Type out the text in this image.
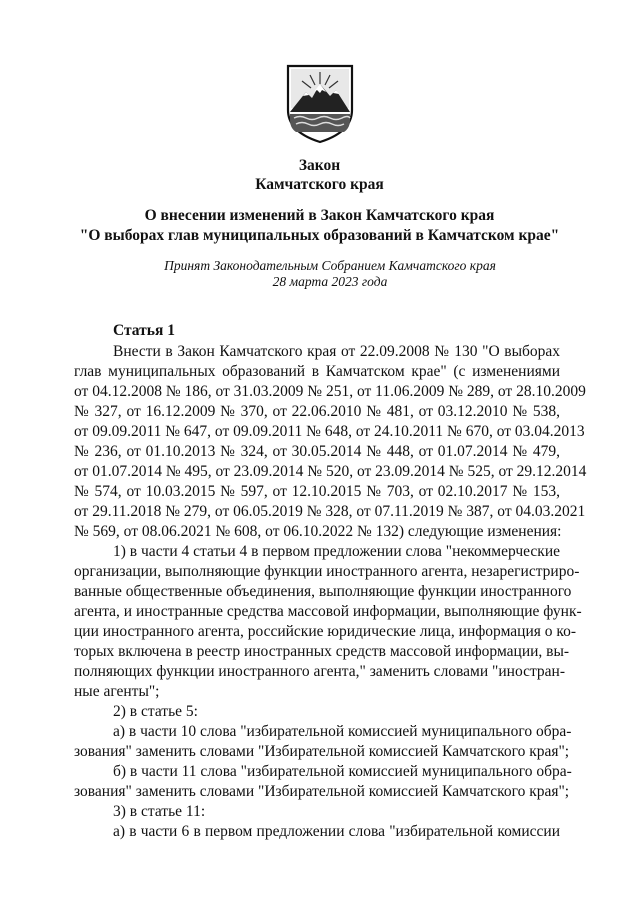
Закон
Камчатского края
О внесении изменений в Закон Камчатского края
"О выборах глав муниципальных образований в Камчатском крае"
Принят Законодательным Собранием Камчатского края
28 марта 2023 года
Статья 1
Внести в Закон Камчатского края от 22.09.2008 № 130 "О выборах
глав муниципальных образований в Камчатском крае" (с изменениями
от 04.12.2008 № 186, от 31.03.2009 № 251, от 11.06.2009 № 289, от 28.10.2009
№ 327, от 16.12.2009 № 370, от 22.06.2010 № 481, от 03.12.2010 № 538,
от 09.09.2011 № 647, от 09.09.2011 № 648, от 24.10.2011 № 670, от 03.04.2013
№ 236, от 01.10.2013 № 324, от 30.05.2014 № 448, от 01.07.2014 № 479,
от 01.07.2014 № 495, от 23.09.2014 № 520, от 23.09.2014 № 525, от 29.12.2014
№ 574, от 10.03.2015 № 597, от 12.10.2015 № 703, от 02.10.2017 № 153,
от 29.11.2018 № 279, от 06.05.2019 № 328, от 07.11.2019 № 387, от 04.03.2021
№ 569, от 08.06.2021 № 608, от 06.10.2022 № 132) следующие изменения:
1) в части 4 статьи 4 в первом предложении слова "некоммерческие
организации, выполняющие функции иностранного агента, незарегистриро-
ванные общественные объединения, выполняющие функции иностранного
агента, и иностранные средства массовой информации, выполняющие функ-
ции иностранного агента, российские юридические лица, информация о ко-
торых включена в реестр иностранных средств массовой информации, вы-
полняющих функции иностранного агента," заменить словами "иностран-
ные агенты";
2) в статье 5:
а) в части 10 слова "избирательной комиссией муниципального обра-
зования" заменить словами "Избирательной комиссией Камчатского края";
б) в части 11 слова "избирательной комиссией муниципального обра-
зования" заменить словами "Избирательной комиссией Камчатского края";
3) в статье 11:
а) в части 6 в первом предложении слова "избирательной комиссии
